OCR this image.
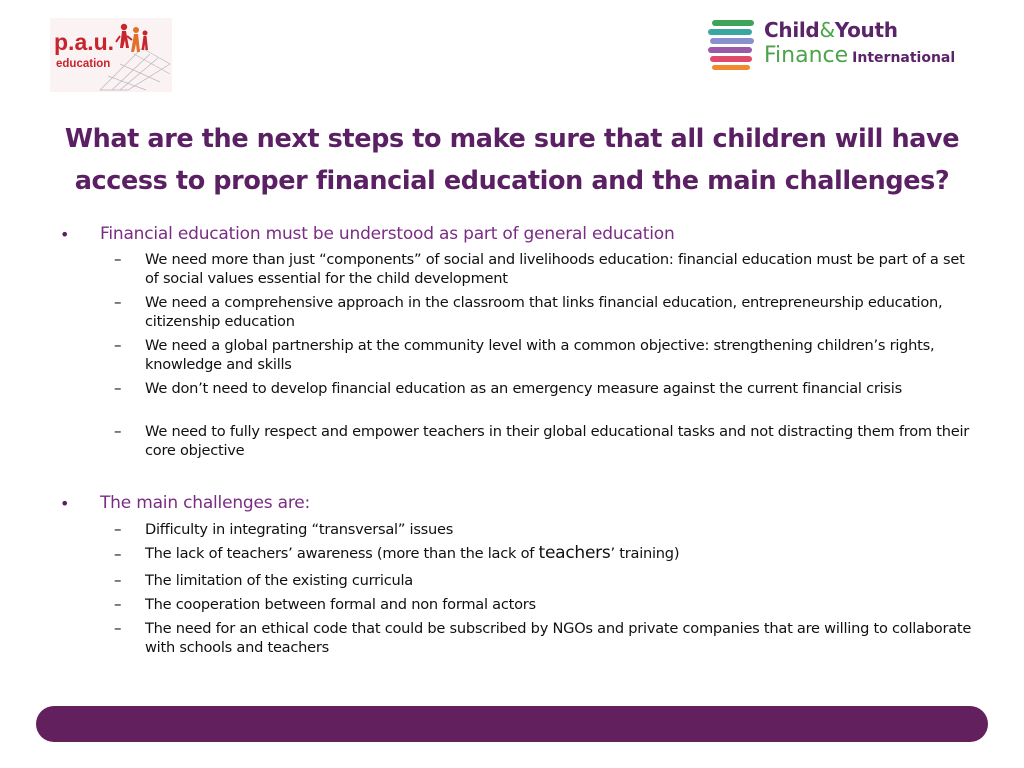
p.a.u.
education
Child&Youth
Finance International
What are the next steps to make sure that all children will have
access to proper financial education and the main challenges?
• Financial education must be understood as part of general education
– We need more than just “components” of social and livelihoods education: financial education must be part of a set of social values essential for the child development
– We need a comprehensive approach in the classroom that links financial education, entrepreneurship education, citizenship education
– We need a global partnership at the community level with a common objective: strengthening children’s rights, knowledge and skills
– We don’t need to develop financial education as an emergency measure against the current financial crisis
– We need to fully respect and empower teachers in their global educational tasks and not distracting them from their core objective
• The main challenges are:
– Difficulty in integrating “transversal” issues
– The lack of teachers’ awareness (more than the lack of teachers’ training)
– The limitation of the existing curricula
– The cooperation between formal and non formal actors
– The need for an ethical code that could be subscribed by NGOs and private companies that are willing to collaborate with schools and teachers
